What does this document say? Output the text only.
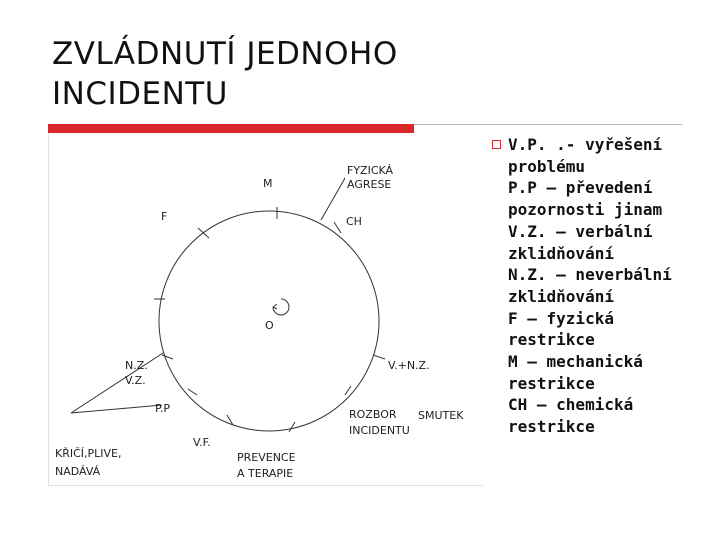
ZVLÁDNUTÍ JEDNOHO
INCIDENTU
FYZICKÁ
AGRESE
M
F	CH
O
N.Z.
V.Z.
V.+N.Z.
P.P	ROZBOR
INCIDENTU
SMUTEK
KŘIČÍ,PLIVE,
NADÁVÁ
V.F.
PREVENCE
A TERAPIE
V.P. .- vyřešení
problému
P.P – převedení
pozornosti jinam
V.Z. – verbální
zklidňování
N.Z. – neverbální
zklidňování
F – fyzická
restrikce
M – mechanická
restrikce
CH – chemická
restrikce
